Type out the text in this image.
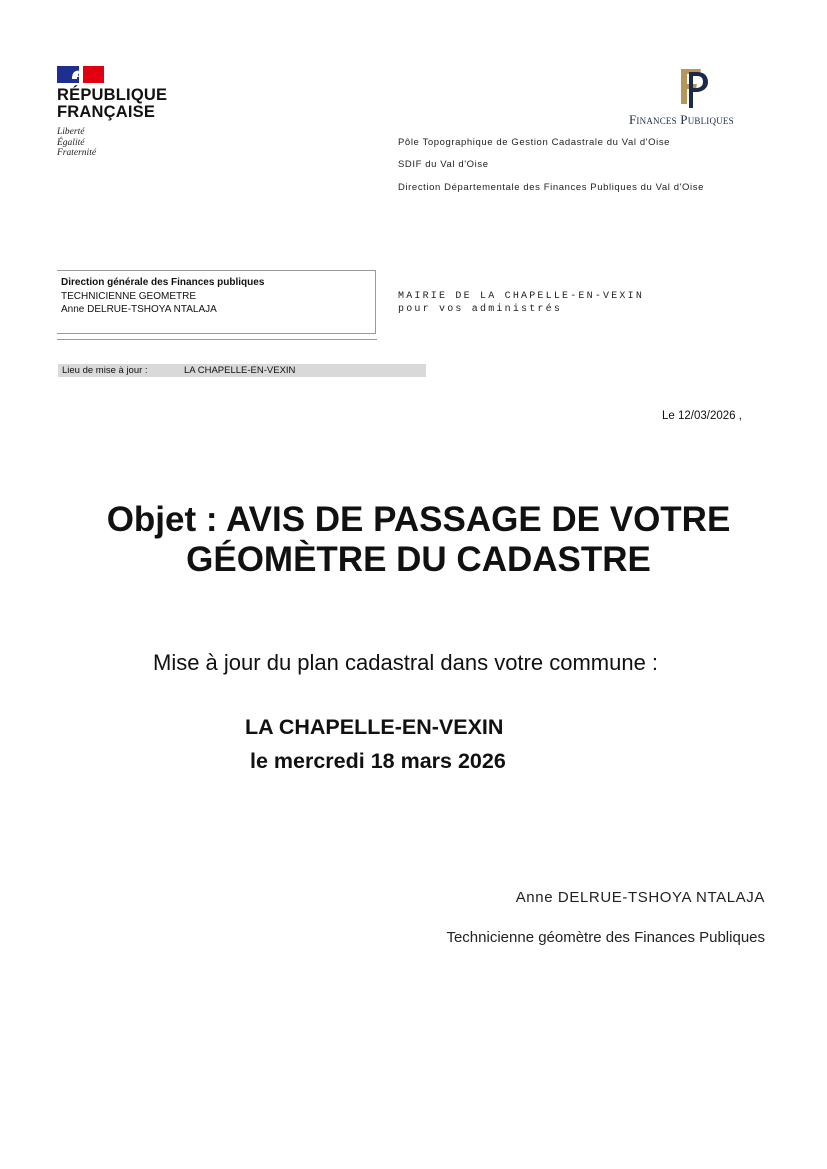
RÉPUBLIQUE
FRANÇAISE
Liberté
Égalité
Fraternité
Finances Publiques
Pôle Topographique de Gestion Cadastrale du Val d'Oise
SDIF du Val d'Oise
Direction Départementale des Finances Publiques du Val d'Oise
Direction générale des Finances publiques
TECHNICIENNE GEOMETRE
Anne DELRUE-TSHOYA NTALAJA
MAIRIE DE LA CHAPELLE-EN-VEXIN
pour vos administrés
Lieu de mise à jour :	LA CHAPELLE-EN-VEXIN
Le 12/03/2026 ,
Objet : AVIS DE PASSAGE DE VOTRE
GÉOMÈTRE DU CADASTRE
Mise à jour du plan cadastral dans votre commune :
LA CHAPELLE-EN-VEXIN
le mercredi 18 mars 2026
Anne DELRUE-TSHOYA NTALAJA
Technicienne géomètre des Finances Publiques
